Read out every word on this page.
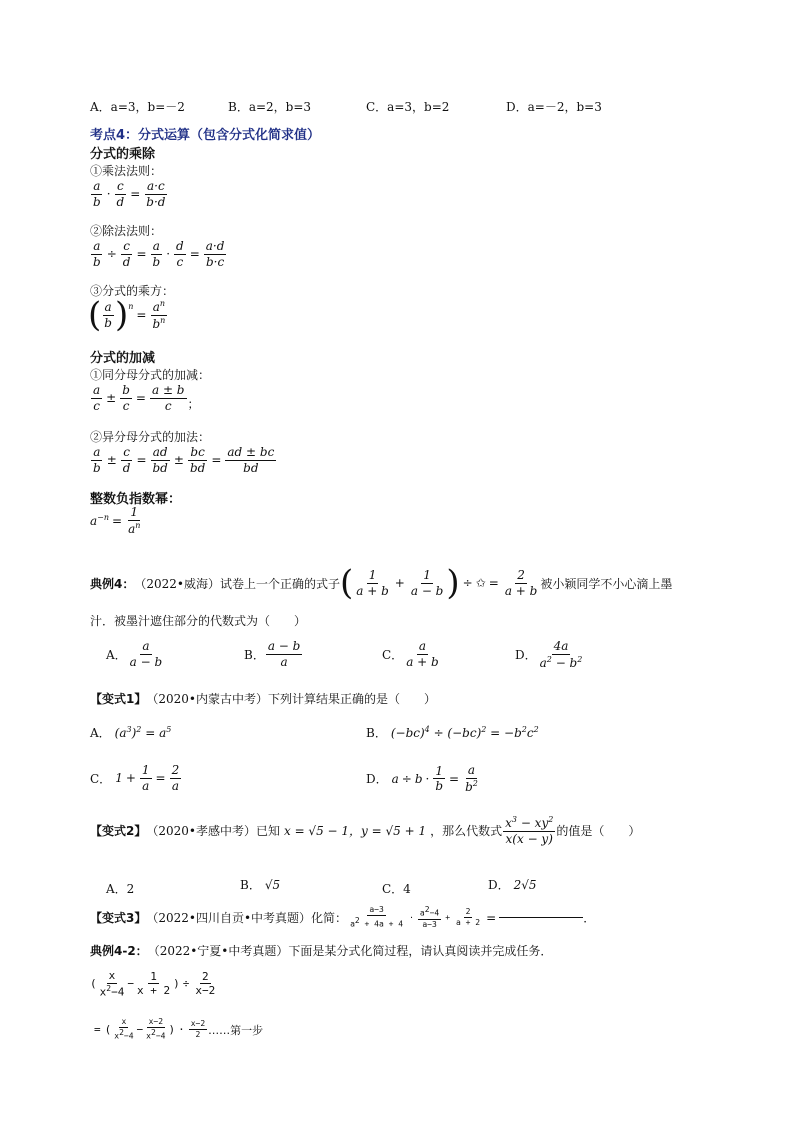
A．a=3，b=－2	B．a=2，b=3	C．a=3，b=2	D．a=－2，b=3
考点4：分式运算（包含分式化简求值）
分式的乘除
①乘法法则：
$\frac{a}{b} \cdot \frac{c}{d} = \frac{a\cdot c}{b\cdot d}$
②除法法则：
$\frac{a}{b} \div \frac{c}{d} = \frac{a}{b} \cdot \frac{d}{c} = \frac{a\cdot d}{b\cdot c}$
③分式的乘方：
( $\frac{a}{b} )^n$
= $\frac{a^n}{b^n}$
分式的加减
①同分母分式的加减：
$\frac{a}{c} \pm \frac{b}{c} = \frac{a \pm b}{c}$ ；
②异分母分式的加法：
$\frac{a}{b} \pm \frac{c}{d} = \frac{ad}{bd} \pm \frac{bc}{bd} = \frac{ad \pm bc}{bd}$
整数负指数幂：
$a^{-n} = \frac{1}{a^n}$
典例4： （2022•威海）试卷上一个正确的式子 ( $\frac{1}{a + b} + \frac{1}{a - b}$ ) ÷ ✩ = $\frac{2}{a + b}$ 被小颖同学不小心滴上墨
汁．被墨汁遮住部分的代数式为（　　）
A． $\frac{a}{a - b}$	B． $\frac{a - b}{a}$	C． $\frac{a}{a + b}$	D． $\frac{4a}{a^2 - b^2}$
【变式1】 （2020•内蒙古中考）下列计算结果正确的是（　　）
A． $(a^3)^2 = a^5$	B． $(-bc)^4 \div (-bc)^2 = -b^2c^2$
C． $1 + \frac{1}{a} = \frac{2}{a}$	D． $a \div b \cdot \frac{1}{b} = \frac{a}{b^2}$
【变式2】 （2020•孝感中考）已知 x = √5 − 1，y = √5 + 1 ，那么代数式 $\frac{x^3 - xy^2}{x(x - y)}$ 的值是（　　）
A．2	B． √5	C．4	D． 2√5
【变式3】 （2022•四川自贡•中考真题）化简： $\frac{a-3}{a^2 + 4a + 4} \cdot \frac{a^2-4}{a-3} + \frac{2}{a + 2}$ =	．
典例4-2： （2022•宁夏•中考真题）下面是某分式化简过程，请认真阅读并完成任务．
( $\frac{x}{x^2-4} - \frac{1}{x + 2}$ ) ÷ $\frac{2}{x-2}$
= ( $\frac{x}{x^2-4} - \frac{x-2}{x^2-4}$ ) · $\frac{x-2}{2}$ ……第一步
